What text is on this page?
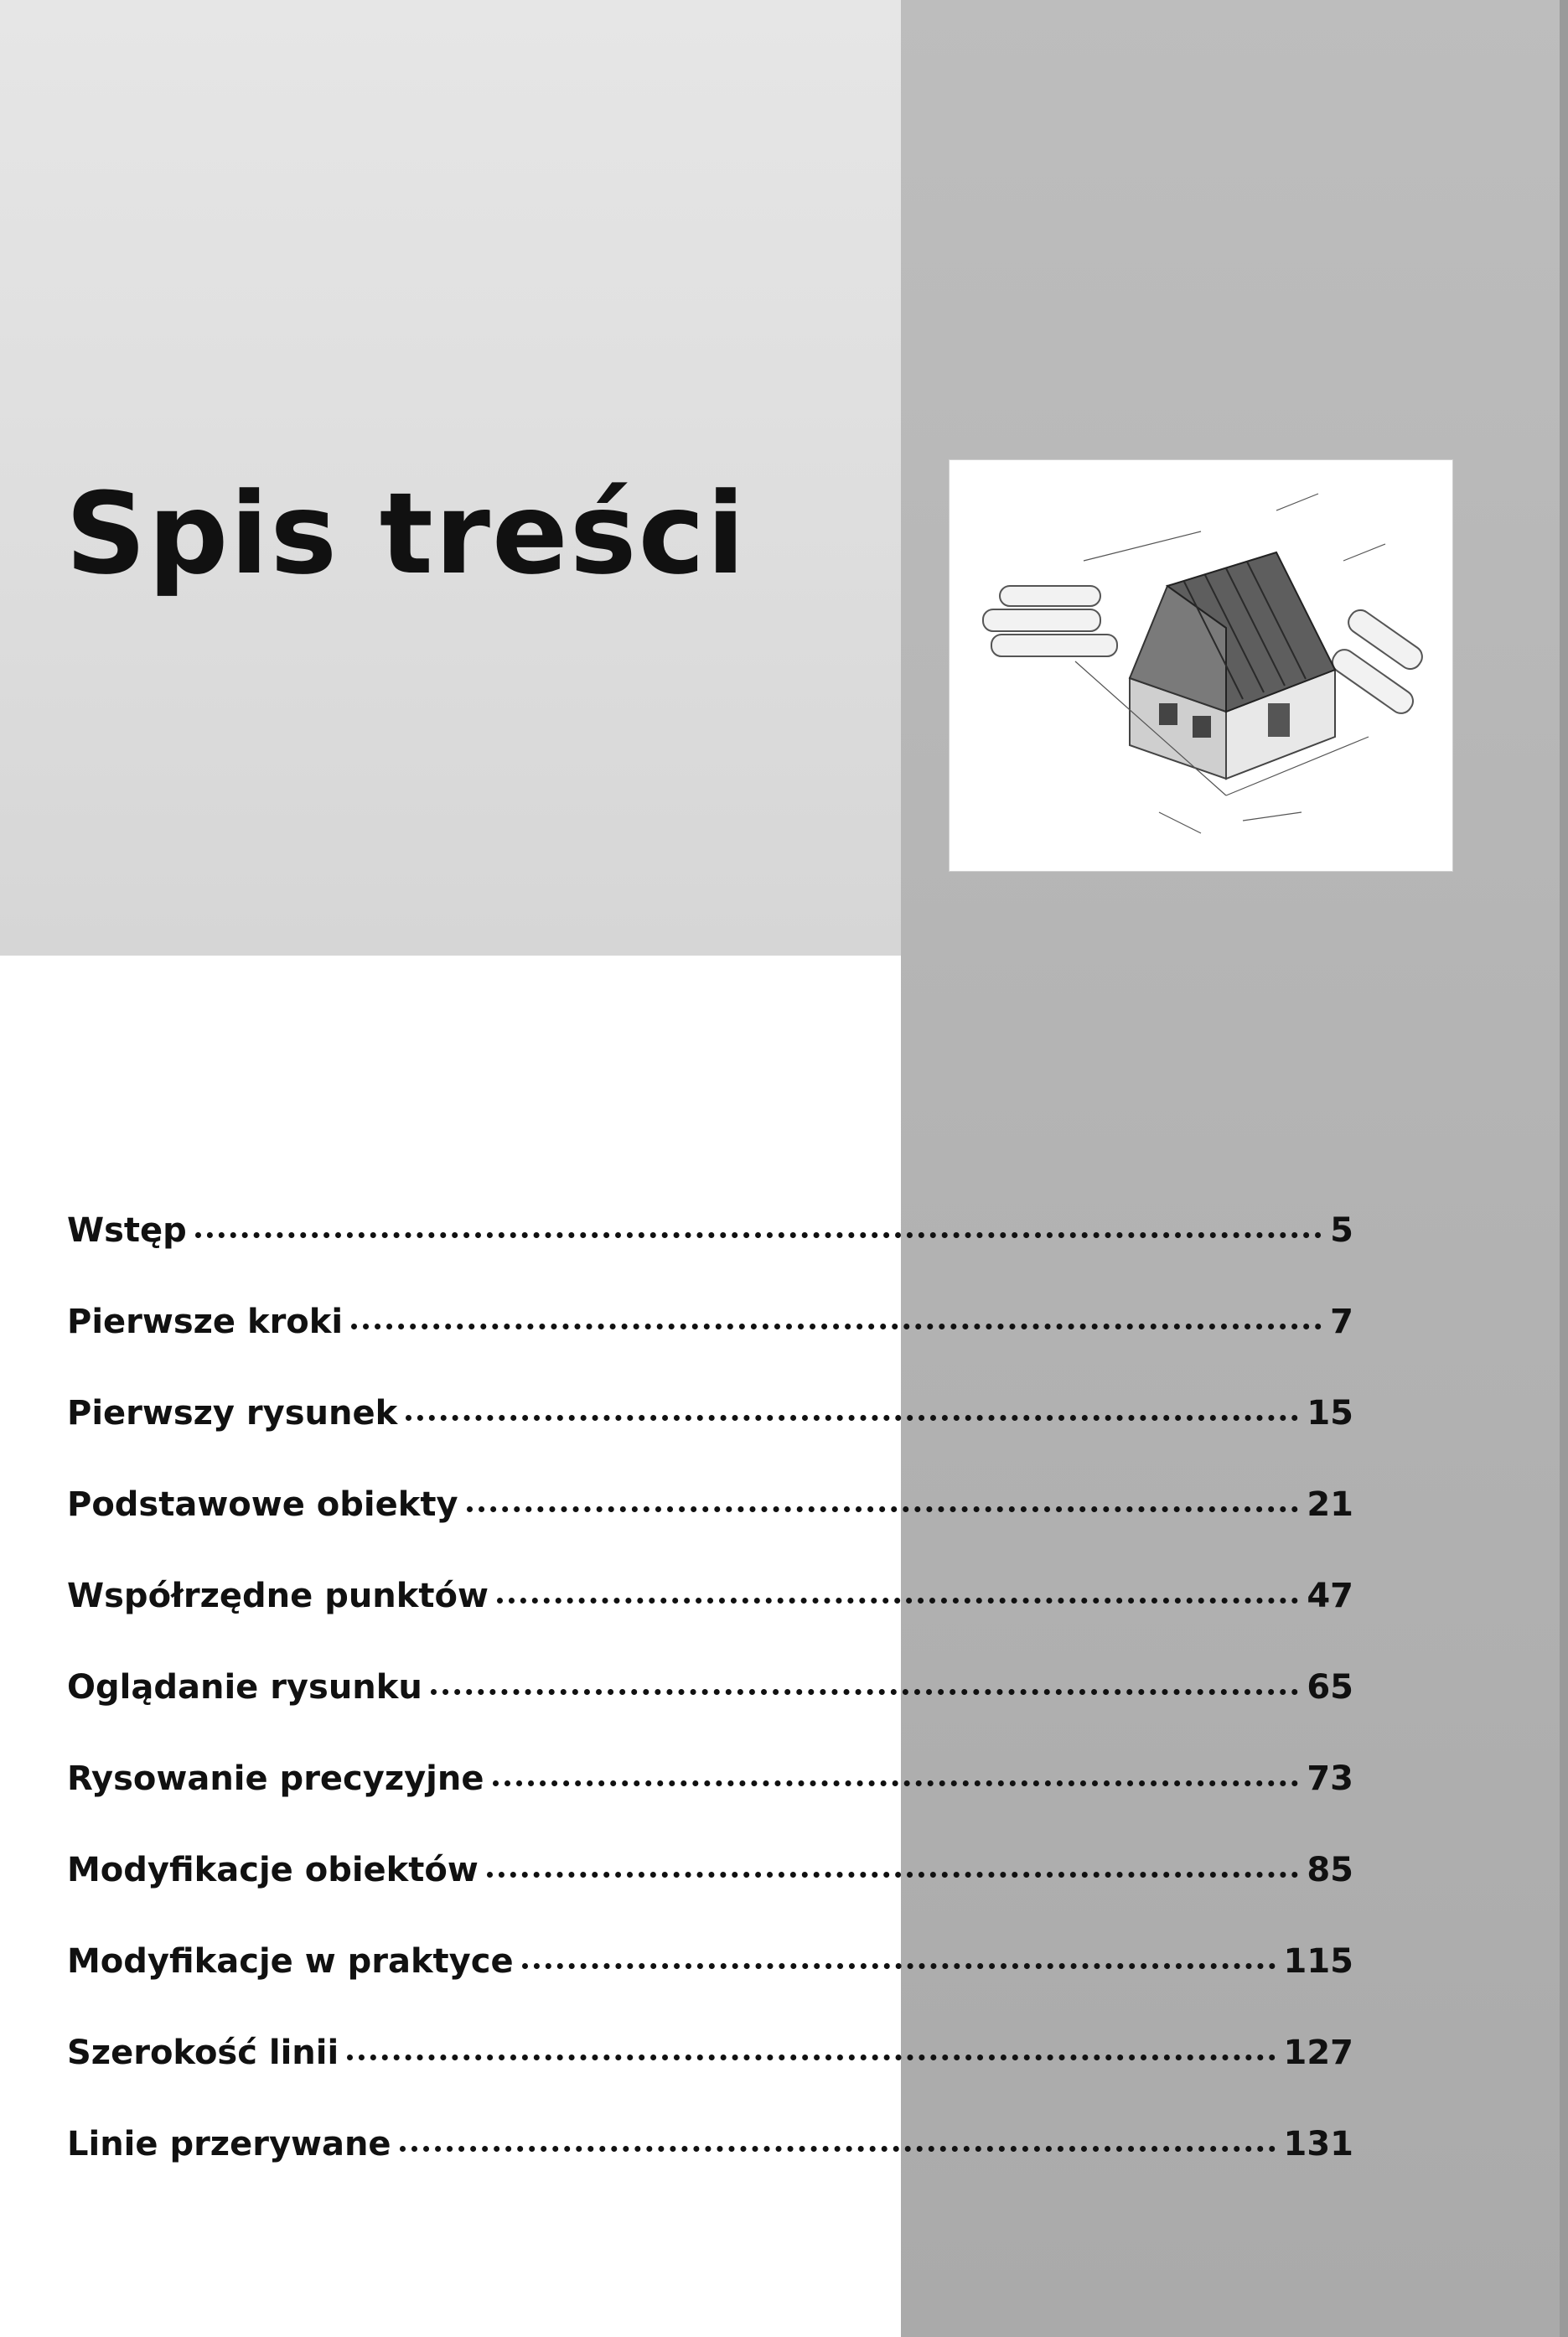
Spis treści
Wstęp	5
Pierwsze kroki	7
Pierwszy rysunek	15
Podstawowe obiekty	21
Współrzędne punktów	47
Oglądanie rysunku	65
Rysowanie precyzyjne	73
Modyfikacje obiektów	85
Modyfikacje w praktyce	115
Szerokość linii	127
Linie przerywane	131
